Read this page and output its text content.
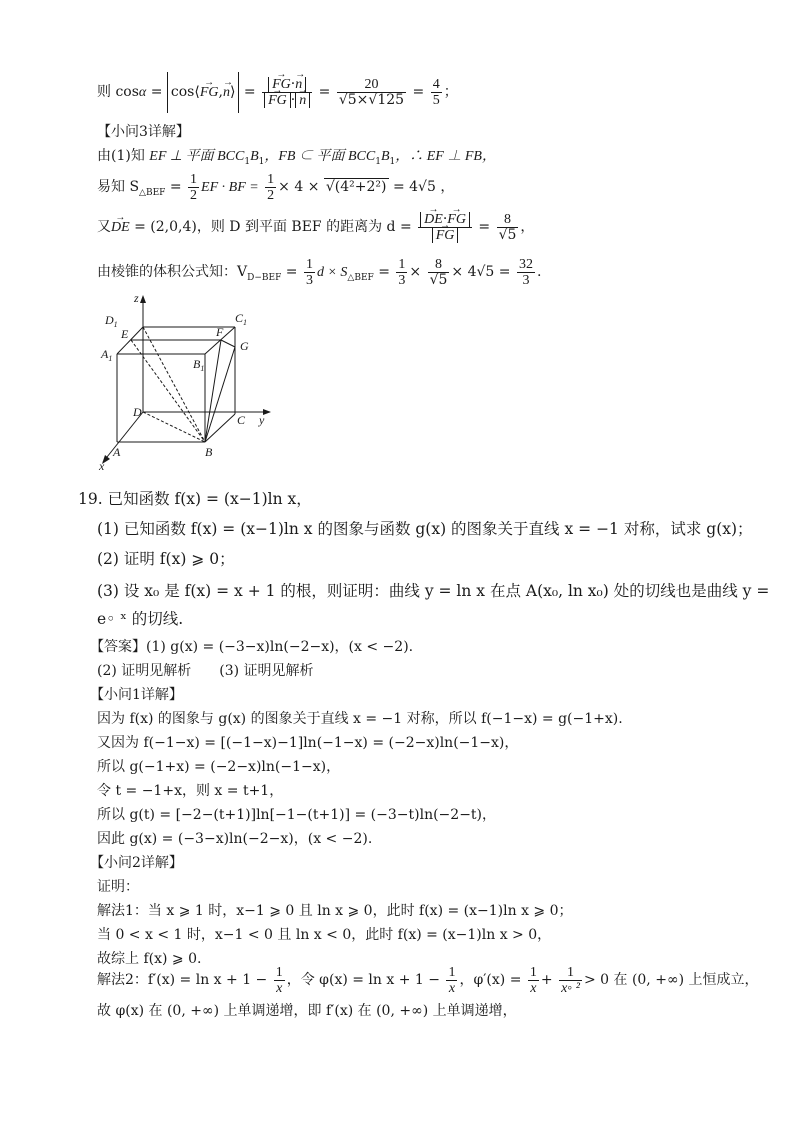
则 cosα = cos⟨→ FG,→ n⟩ = → FG·→ n
→ FG · → $n = \frac{20}{√5\times√125} = \frac{4}{5}$ ；
【小问3详解】
由(1)知 EF ⊥ 平面 $BCC_1B_1$，FB ⊂ 平面 $BCC_1B_1$，∴ EF ⊥ FB，
易知 $S_{\triangle BEF} = \frac{1}{2}$ EF · BF = $\frac{1}{2} \times 4 \times √(4^2+2^2) = 4√5$ ，
又→ DE = (2,0,4)，则 D 到平面 BEF 的距离为 d = → DE·→ FG
→ FG = $\frac{8}{√5}$ ，
由棱锥的体积公式知：$V_{D-BEF} = \frac{1}{3}$ $d \times S_{\triangle BEF} = \frac{1}{3} \times \frac{8}{√5} \times 4√5 = \frac{32}{3}$ .
z
$D_1$	$C_1$
E	F
G
$A_1$	$B_1$
D
C y
A	B
x
19. 已知函数 f(x) = (x−1)ln x，
(1) 已知函数 f(x) = (x−1)ln x 的图象与函数 g(x) 的图象关于直线 x = −1 对称，试求 g(x)；
(2) 证明 f(x) ⩾ 0；
(3) 设 x₀ 是 f(x) = x + 1 的根，则证明：曲线 y = ln x 在点 A(x₀, ln x₀) 处的切线也是曲线 y =
e◦ ˣ 的切线.
【答案】(1) g(x) = (−3−x)ln(−2−x)，(x < −2).
(2) 证明见解析　　(3) 证明见解析
【小问1详解】
因为 f(x) 的图象与 g(x) 的图象关于直线 x = −1 对称，所以 f(−1−x) = g(−1+x).
又因为 f(−1−x) = [(−1−x)−1]ln(−1−x) = (−2−x)ln(−1−x)，
所以 g(−1+x) = (−2−x)ln(−1−x)，
令 t = −1+x，则 x = t+1，
所以 g(t) = [−2−(t+1)]ln[−1−(t+1)] = (−3−t)ln(−2−t)，
因此 g(x) = (−3−x)ln(−2−x)，(x < −2).
【小问2详解】
证明：
解法1：当 x ⩾ 1 时，x−1 ⩾ 0 且 ln x ⩾ 0，此时 f(x) = (x−1)ln x ⩾ 0；
当 0 < x < 1 时，x−1 < 0 且 ln x < 0，此时 f(x) = (x−1)ln x > 0，
故综上 f(x) ⩾ 0.
解法2：$f'(x) = \ln x + 1 - \frac{1}{x}$ ，令 $\varphi(x) = \ln x + 1 - \frac{1}{x}$ ，$\varphi'(x) = \frac{1}{x} + \frac{1}{\text{x◦ ²}} > 0$ 在 (0, +∞) 上恒成立，
故 φ(x) 在 (0, +∞) 上单调递增，即 f′(x) 在 (0, +∞) 上单调递增，
